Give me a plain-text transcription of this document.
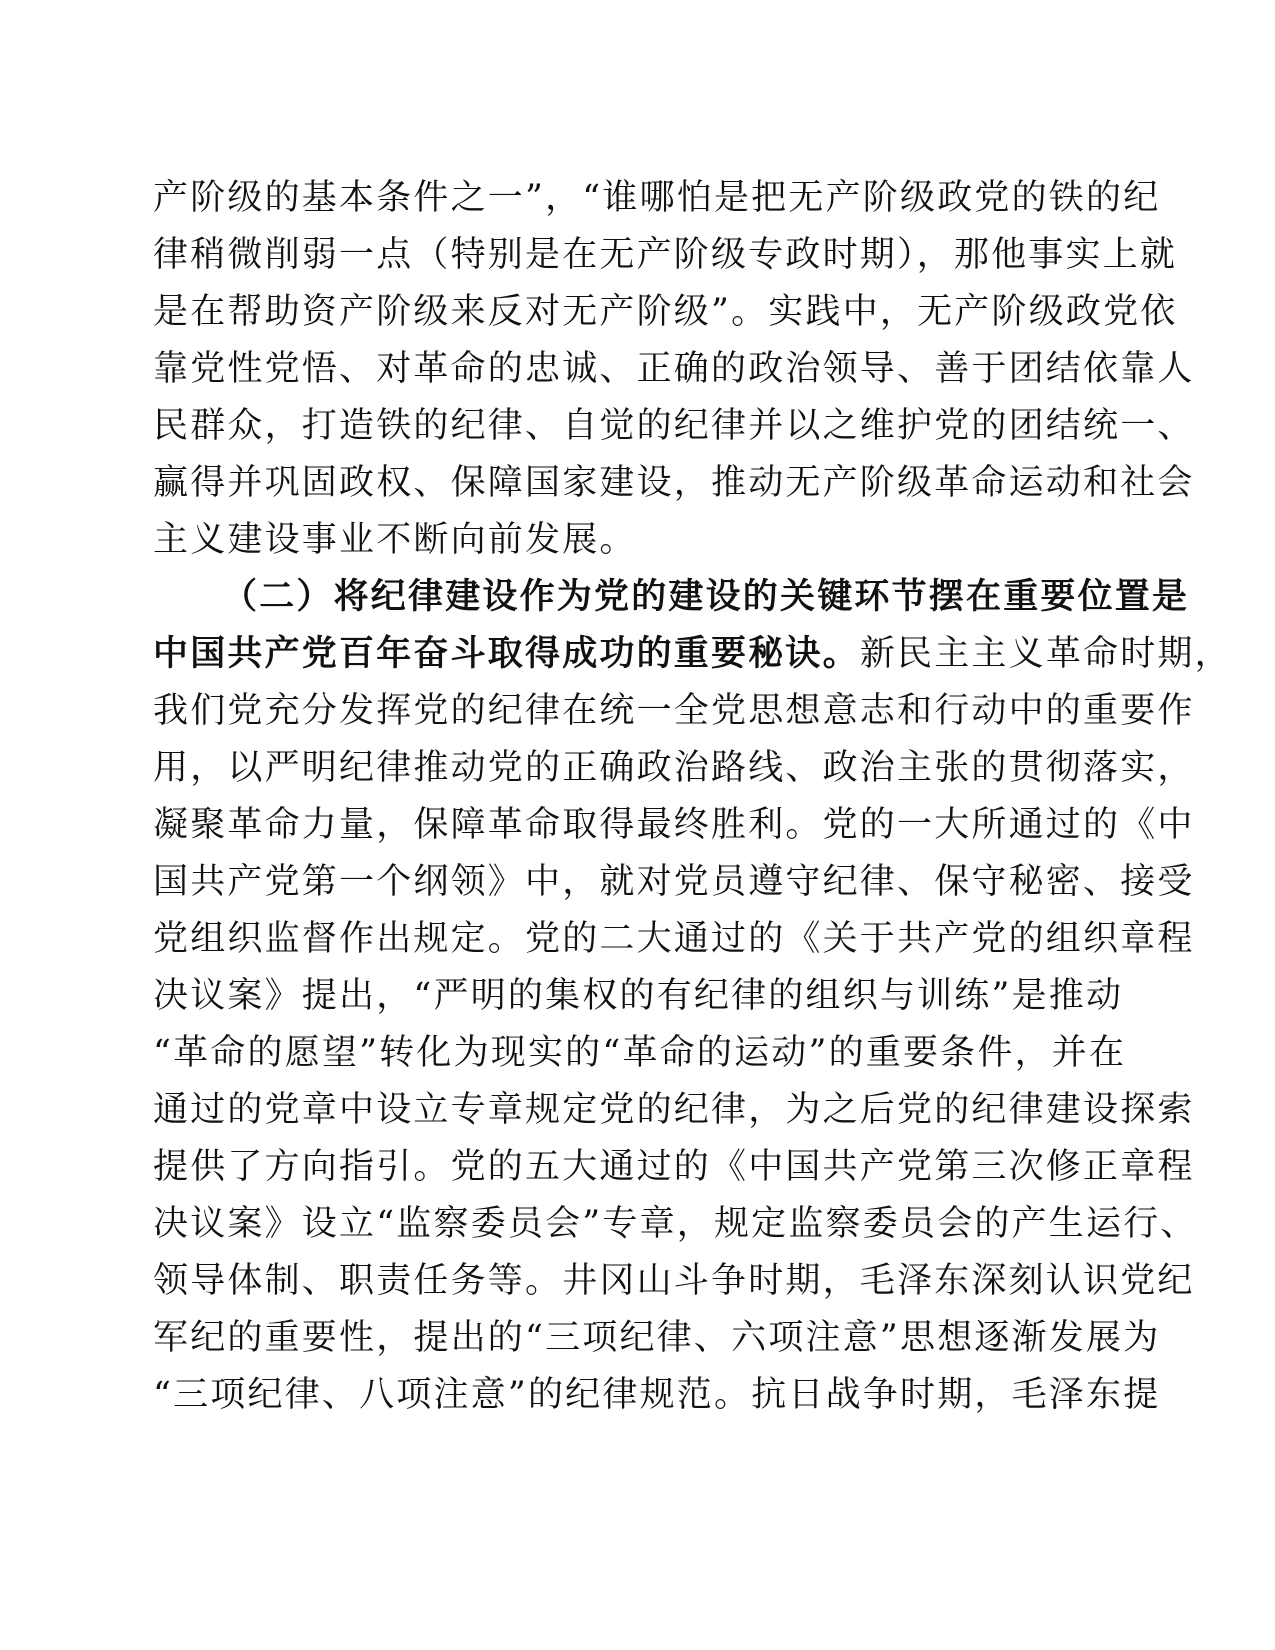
产阶级的基本条件之一”，“谁哪怕是把无产阶级政党的铁的纪
律稍微削弱一点（特别是在无产阶级专政时期），那他事实上就
是在帮助资产阶级来反对无产阶级”。实践中，无产阶级政党依
靠党性党悟、对革命的忠诚、正确的政治领导、善于团结依靠人
民群众，打造铁的纪律、自觉的纪律并以之维护党的团结统一、
赢得并巩固政权、保障国家建设，推动无产阶级革命运动和社会
主义建设事业不断向前发展。
（二）将纪律建设作为党的建设的关键环节摆在重要位置是
中国共产党百年奋斗取得成功的重要秘诀。新民主主义革命时期，
我们党充分发挥党的纪律在统一全党思想意志和行动中的重要作
用，以严明纪律推动党的正确政治路线、政治主张的贯彻落实，
凝聚革命力量，保障革命取得最终胜利。党的一大所通过的《中
国共产党第一个纲领》中，就对党员遵守纪律、保守秘密、接受
党组织监督作出规定。党的二大通过的《关于共产党的组织章程
决议案》提出，“严明的集权的有纪律的组织与训练”是推动
“革命的愿望”转化为现实的“革命的运动”的重要条件，并在
通过的党章中设立专章规定党的纪律，为之后党的纪律建设探索
提供了方向指引。党的五大通过的《中国共产党第三次修正章程
决议案》设立“监察委员会”专章，规定监察委员会的产生运行、
领导体制、职责任务等。井冈山斗争时期，毛泽东深刻认识党纪
军纪的重要性，提出的“三项纪律、六项注意”思想逐渐发展为
“三项纪律、八项注意”的纪律规范。抗日战争时期，毛泽东提
